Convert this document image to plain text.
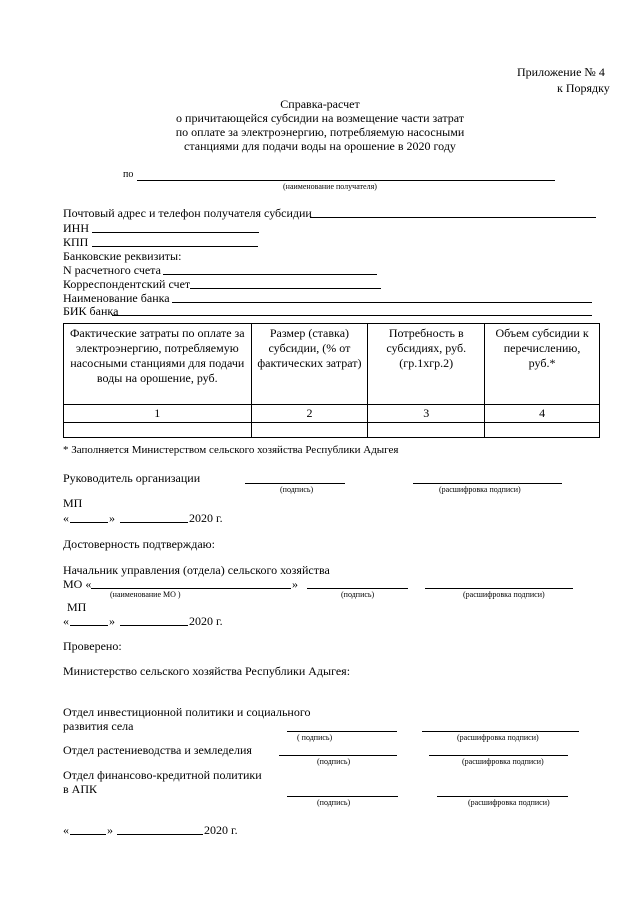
Приложение № 4
к Порядку
Справка-расчет
о причитающейся субсидии на возмещение части затрат
по оплате за электроэнергию, потребляемую насосными
станциями для подачи воды на орошение в 2020 году
по
(наименование получателя)
Почтовый адрес и телефон получателя субсидии
ИНН
КПП
Банковские реквизиты:
N расчетного счета
Корреспондентский счет
Наименование банка
БИК банка
Фактические затраты по оплате за электроэнергию, потребляемую насосными станциями для подачи воды на орошение, руб.	Размер (ставка) субсидии, (% от фактических затрат)	Потребность в субсидиях, руб.(гр.1хгр.2)	Объем субсидии к перечислению, руб.*
1	2	3	4

* Заполняется Министерством сельского хозяйства Республики Адыгея
Руководитель организации
(подпись)	(расшифровка подписи)
МП
«	»	2020 г.
Достоверность подтверждаю:
Начальник управления (отдела) сельского хозяйства
МО «	»
(наименование МО )	(подпись)	(расшифровка подписи)
МП
«	»	2020 г.
Проверено:
Министерство сельского хозяйства Республики Адыгея:
Отдел инвестиционной политики и социального
развития села
( подпись)	(расшифровка подписи)
Отдел растениеводства и земледелия
(подпись)	(расшифровка подписи)
Отдел финансово-кредитной политики
в АПК
(подпись)	(расшифровка подписи)
«	»	2020 г.
